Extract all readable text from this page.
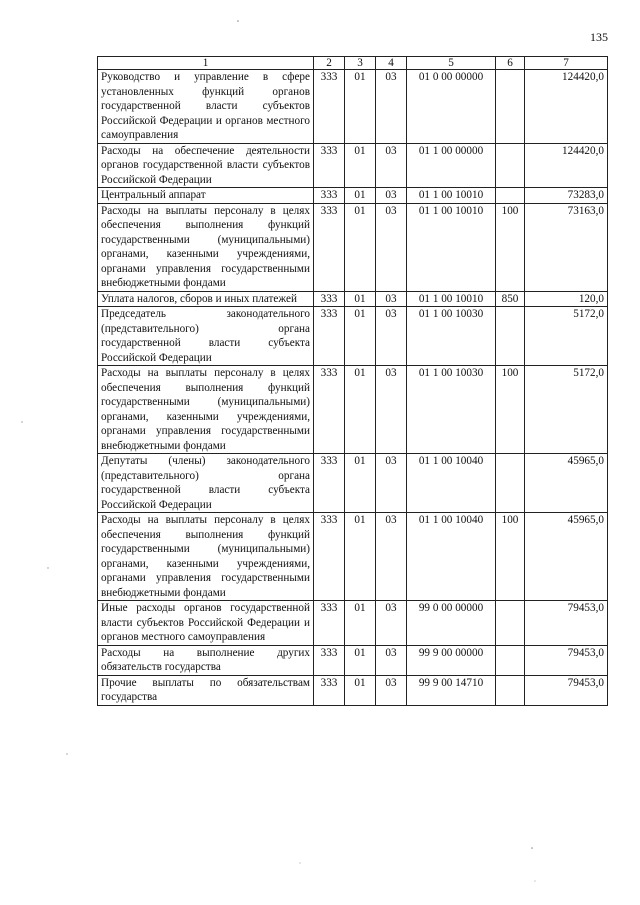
135
1	2	3	4	5	6	7
Руководство и управление в сфере установленных функций органов государственной власти субъектов Российской Федерации и органов местного самоуправления	333	01	03	01 0 00 00000		124420,0
Расходы на обеспечение деятельности органов государственной власти субъектов Российской Федерации	333	01	03	01 1 00 00000		124420,0
Центральный аппарат	333	01	03	01 1 00 10010		73283,0
Расходы на выплаты персоналу в целях обеспечения выполнения функций государственными (муниципальными) органами, казенными учреждениями, органами управления государственными внебюджетными фондами	333	01	03	01 1 00 10010	100	73163,0
Уплата налогов, сборов и иных платежей	333	01	03	01 1 00 10010	850	120,0
Председатель законодательного (представительного) органа государственной власти субъекта Российской Федерации	333	01	03	01 1 00 10030		5172,0
Расходы на выплаты персоналу в целях обеспечения выполнения функций государственными (муниципальными) органами, казенными учреждениями, органами управления государственными внебюджетными фондами	333	01	03	01 1 00 10030	100	5172,0
Депутаты (члены) законодательного (представительного) органа государственной власти субъекта Российской Федерации	333	01	03	01 1 00 10040		45965,0
Расходы на выплаты персоналу в целях обеспечения выполнения функций государственными (муниципальными) органами, казенными учреждениями, органами управления государственными внебюджетными фондами	333	01	03	01 1 00 10040	100	45965,0
Иные расходы органов государственной власти субъектов Российской Федерации и органов местного самоуправления	333	01	03	99 0 00 00000		79453,0
Расходы на выполнение других обязательств государства	333	01	03	99 9 00 00000		79453,0
Прочие выплаты по обязательствам государства	333	01	03	99 9 00 14710		79453,0
